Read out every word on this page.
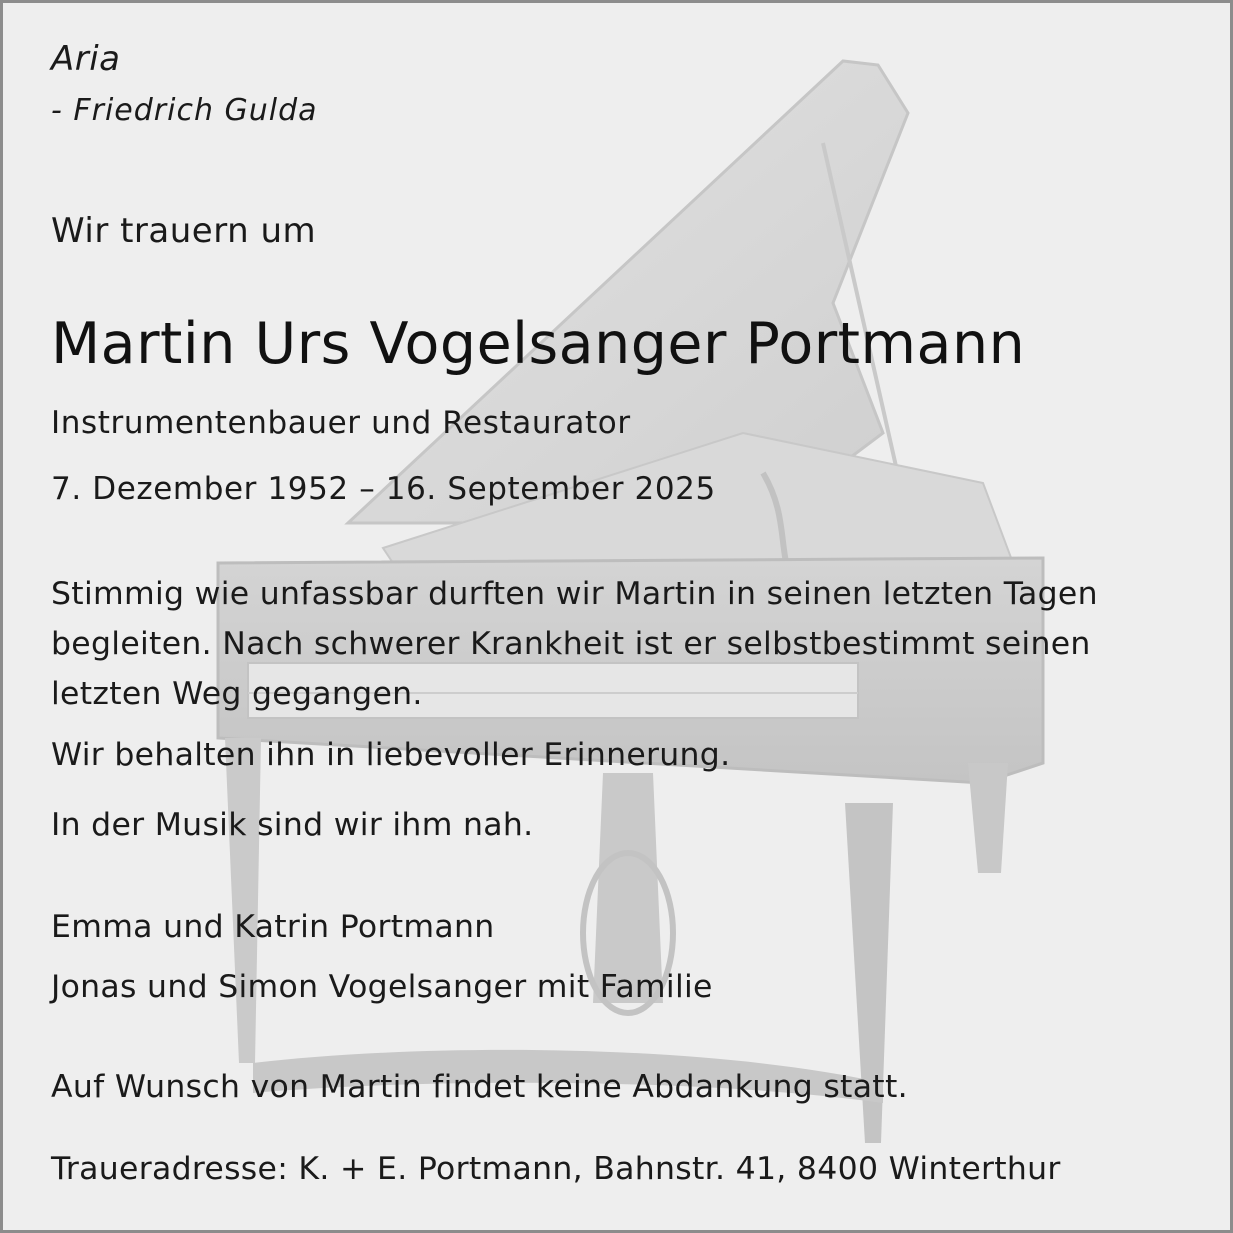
Aria

- Friedrich Gulda

Wir trauern um

Martin Urs Vogelsanger Portmann

Instrumentenbauer und Restaurator

7. Dezember 1952 – 16. September 2025

Stimmig wie unfassbar durften wir Martin in seinen letzten Tagen begleiten. Nach schwerer Krankheit ist er selbstbestimmt seinen letzten Weg gegangen.

Wir behalten ihn in liebevoller Erinnerung.

In der Musik sind wir ihm nah.

Emma und Katrin Portmann

Jonas und Simon Vogelsanger mit Familie

Auf Wunsch von Martin findet keine Abdankung statt.

Traueradresse: K. + E. Portmann, Bahnstr. 41, 8400 Winterthur
